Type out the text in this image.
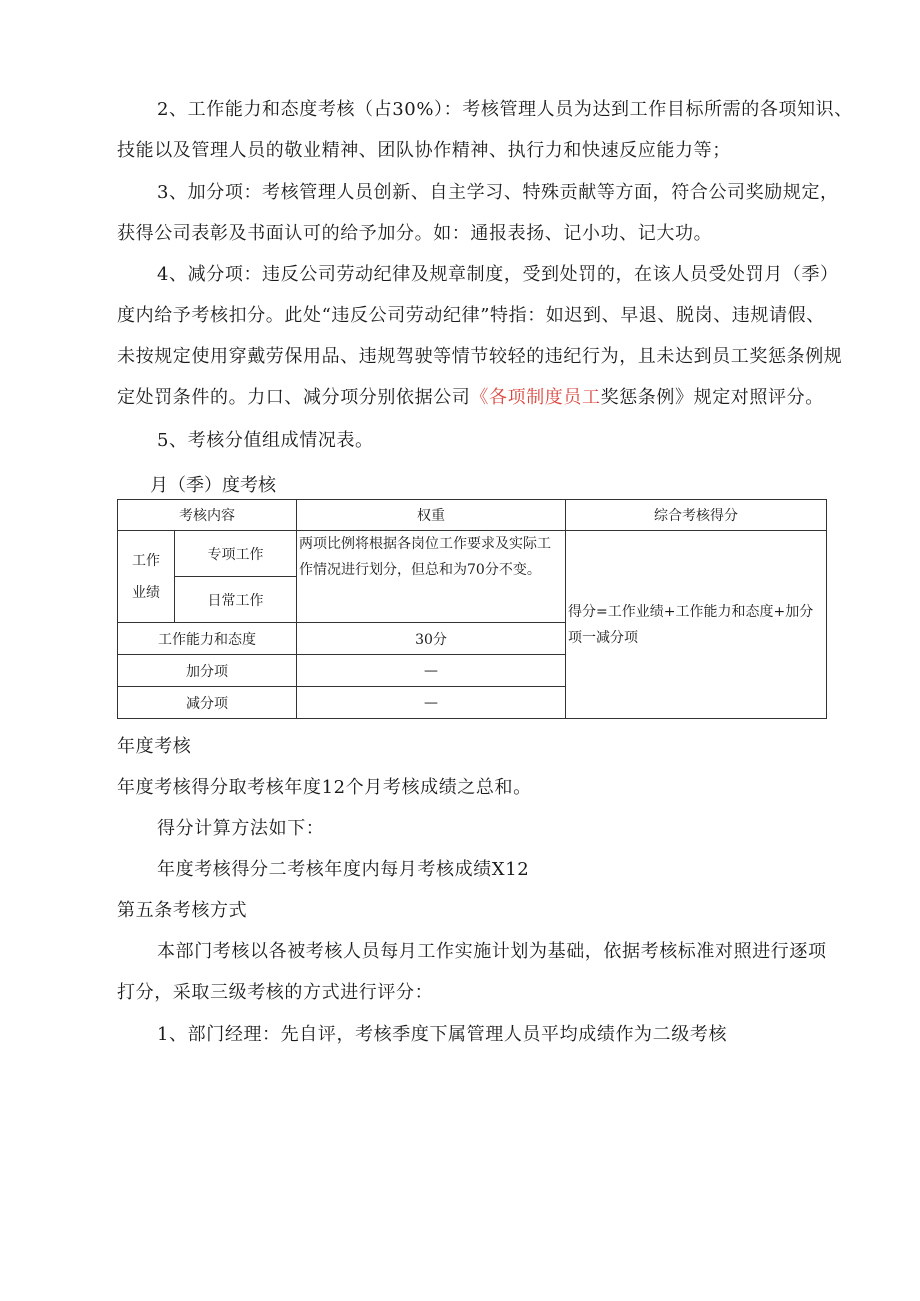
2、工作能力和态度考核（占30%）：考核管理人员为达到工作目标所需的各项知识、
技能以及管理人员的敬业精神、团队协作精神、执行力和快速反应能力等；
3、加分项：考核管理人员创新、自主学习、特殊贡献等方面，符合公司奖励规定，
获得公司表彰及书面认可的给予加分。如：通报表扬、记小功、记大功。
4、减分项：违反公司劳动纪律及规章制度，受到处罚的，在该人员受处罚月（季）
度内给予考核扣分。此处“违反公司劳动纪律”特指：如迟到、早退、脱岗、违规请假、
未按规定使用穿戴劳保用品、违规驾驶等情节较轻的违纪行为，且未达到员工奖惩条例规
定处罚条件的。力口、减分项分别依据公司《各项制度员工奖惩条例》规定对照评分。
5、考核分值组成情况表。
月（季）度考核
考核内容		权重	综合考核得分
工作业绩	专项工作	两项比例将根据各岗位工作要求及实际工作情况进行划分，但总和为70分不变。	得分=工作业绩+工作能力和态度+加分项一减分项
	日常工作		
工作能力和态度		30分	
加分项		—	
减分项		—	
年度考核
年度考核得分取考核年度12个月考核成绩之总和。
得分计算方法如下：
年度考核得分二考核年度内每月考核成绩X12
第五条考核方式
本部门考核以各被考核人员每月工作实施计划为基础，依据考核标准对照进行逐项
打分，采取三级考核的方式进行评分：
1、部门经理：先自评，考核季度下属管理人员平均成绩作为二级考核
